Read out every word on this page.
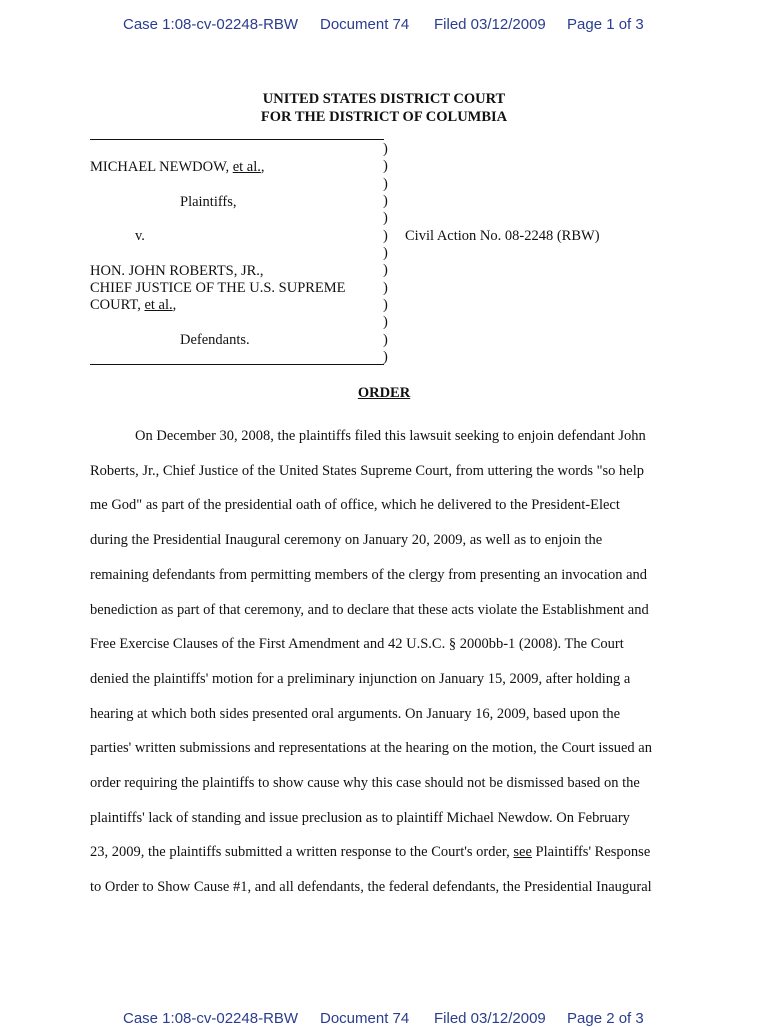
Case 1:08-cv-02248-RBW Document 74 Filed 03/12/2009 Page 1 of 3
UNITED STATES DISTRICT COURT
FOR THE DISTRICT OF COLUMBIA
)
)
)
)
)
)
)
)
)
)
)
)
)
MICHAEL NEWDOW, et al.,
Plaintiffs,
v.	Civil Action No. 08-2248 (RBW)
HON. JOHN ROBERTS, JR.,
CHIEF JUSTICE OF THE U.S. SUPREME
COURT, et al.,
Defendants.
ORDER
On December 30, 2008, the plaintiffs filed this lawsuit seeking to enjoin defendant John
Roberts, Jr., Chief Justice of the United States Supreme Court, from uttering the words "so help
me God" as part of the presidential oath of office, which he delivered to the President-Elect
during the Presidential Inaugural ceremony on January 20, 2009, as well as to enjoin the
remaining defendants from permitting members of the clergy from presenting an invocation and
benediction as part of that ceremony, and to declare that these acts violate the Establishment and
Free Exercise Clauses of the First Amendment and 42 U.S.C. § 2000bb-1 (2008). The Court
denied the plaintiffs' motion for a preliminary injunction on January 15, 2009, after holding a
hearing at which both sides presented oral arguments. On January 16, 2009, based upon the
parties' written submissions and representations at the hearing on the motion, the Court issued an
order requiring the plaintiffs to show cause why this case should not be dismissed based on the
plaintiffs' lack of standing and issue preclusion as to plaintiff Michael Newdow. On February
23, 2009, the plaintiffs submitted a written response to the Court's order, see Plaintiffs' Response
to Order to Show Cause #1, and all defendants, the federal defendants, the Presidential Inaugural
Case 1:08-cv-02248-RBW Document 74 Filed 03/12/2009 Page 2 of 3
